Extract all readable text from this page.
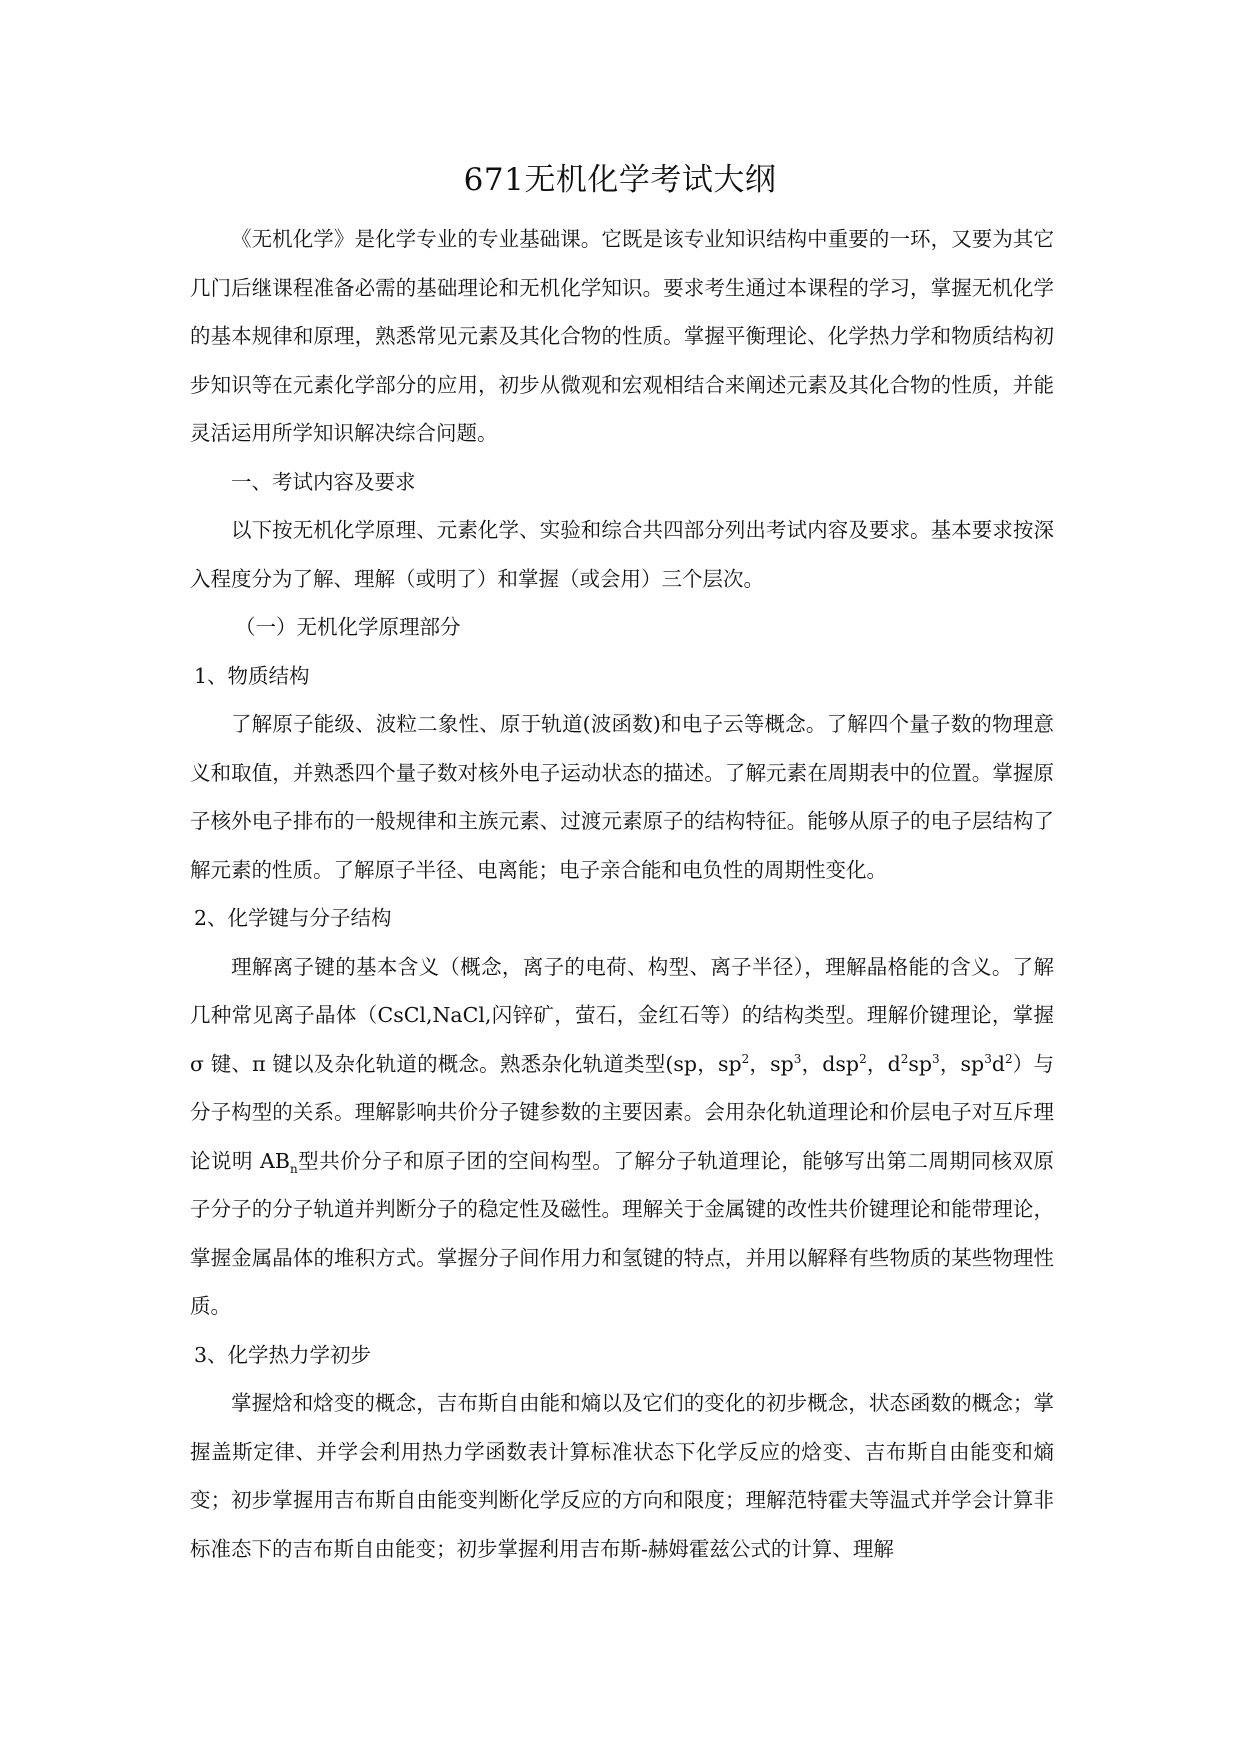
671无机化学考试大纲

《无机化学》是化学专业的专业基础课。它既是该专业知识结构中重要的一环，又要为其它几门后继课程准备必需的基础理论和无机化学知识。要求考生通过本课程的学习，掌握无机化学的基本规律和原理，熟悉常见元素及其化合物的性质。掌握平衡理论、化学热力学和物质结构初步知识等在元素化学部分的应用，初步从微观和宏观相结合来阐述元素及其化合物的性质，并能灵活运用所学知识解决综合问题。

一、考试内容及要求

以下按无机化学原理、元素化学、实验和综合共四部分列出考试内容及要求。基本要求按深入程度分为了解、理解（或明了）和掌握（或会用）三个层次。

（一）无机化学原理部分

1、物质结构

了解原子能级、波粒二象性、原于轨道(波函数)和电子云等概念。了解四个量子数的物理意义和取值，并熟悉四个量子数对核外电子运动状态的描述。了解元素在周期表中的位置。掌握原子核外电子排布的一般规律和主族元素、过渡元素原子的结构特征。能够从原子的电子层结构了解元素的性质。了解原子半径、电离能；电子亲合能和电负性的周期性变化。

2、化学键与分子结构

理解离子键的基本含义（概念，离子的电荷、构型、离子半径），理解晶格能的含义。了解几种常见离子晶体（CsCl,NaCl,闪锌矿，萤石，金红石等）的结构类型。理解价键理论，掌握 σ 键、π 键以及杂化轨道的概念。熟悉杂化轨道类型(sp，$sp^2$，$sp^3$，dsp$^2$，$d^2sp^3$，$sp^3d^2$）与分子构型的关系。理解影响共价分子键参数的主要因素。会用杂化轨道理论和价层电子对互斥理论说明 $AB_n$型共价分子和原子团的空间构型。了解分子轨道理论，能够写出第二周期同核双原子分子的分子轨道并判断分子的稳定性及磁性。理解关于金属键的改性共价键理论和能带理论，掌握金属晶体的堆积方式。掌握分子间作用力和氢键的特点，并用以解释有些物质的某些物理性质。

3、化学热力学初步

掌握焓和焓变的概念，吉布斯自由能和熵以及它们的变化的初步概念，状态函数的概念；掌握盖斯定律、并学会利用热力学函数表计算标准状态下化学反应的焓变、吉布斯自由能变和熵变；初步掌握用吉布斯自由能变判断化学反应的方向和限度；理解范特霍夫等温式并学会计算非标准态下的吉布斯自由能变；初步掌握利用吉布斯-赫姆霍兹公式的计算、理解
